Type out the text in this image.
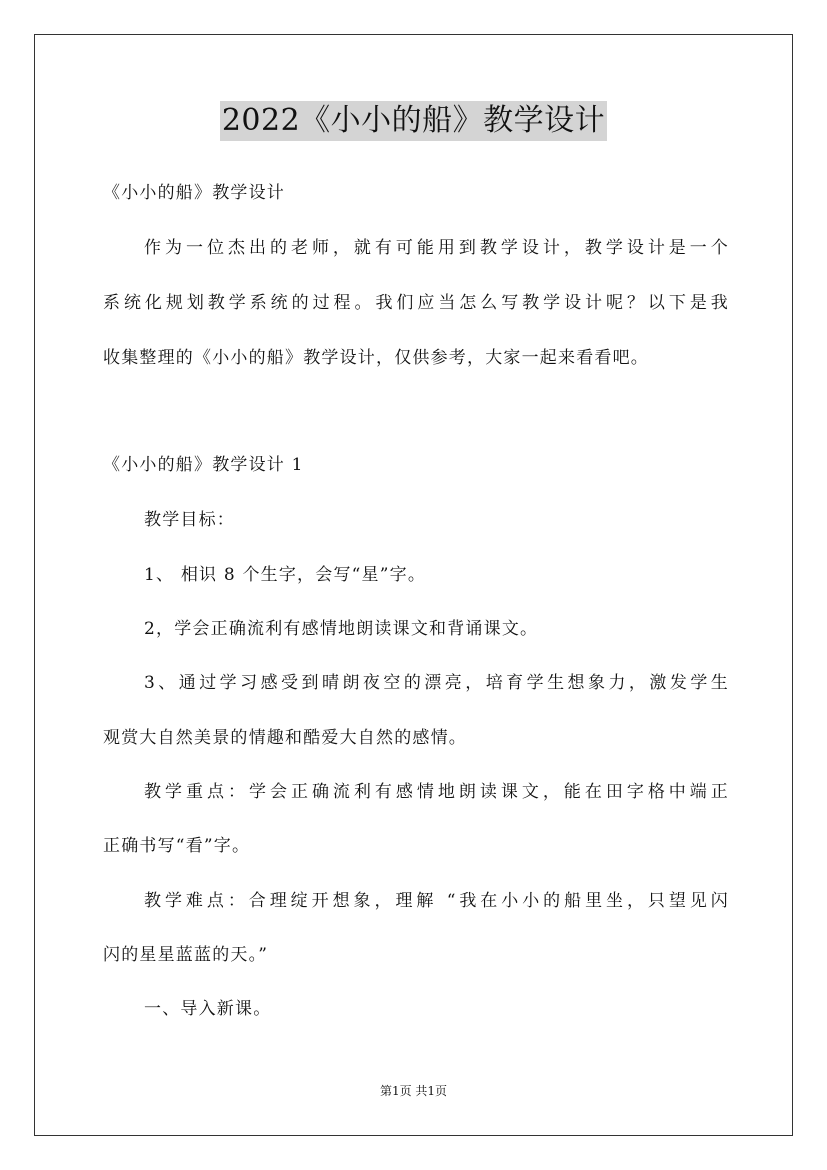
2022《小小的船》教学设计
《小小的船》教学设计
作为一位杰出的老师，就有可能用到教学设计，教学设计是一个
系统化规划教学系统的过程。我们应当怎么写教学设计呢？以下是我
收集整理的《小小的船》教学设计，仅供参考，大家一起来看看吧。
《小小的船》教学设计 1
教学目标：
1、 相识 8 个生字，会写“星”字。
2，学会正确流利有感情地朗读课文和背诵课文。
3、通过学习感受到晴朗夜空的漂亮，培育学生想象力，激发学生
观赏大自然美景的情趣和酷爱大自然的感情。
教学重点：学会正确流利有感情地朗读课文，能在田字格中端正
正确书写“看”字。
教学难点：合理绽开想象，理解 “我在小小的船里坐，只望见闪
闪的星星蓝蓝的天。”
一、导入新课。
第1页 共1页
